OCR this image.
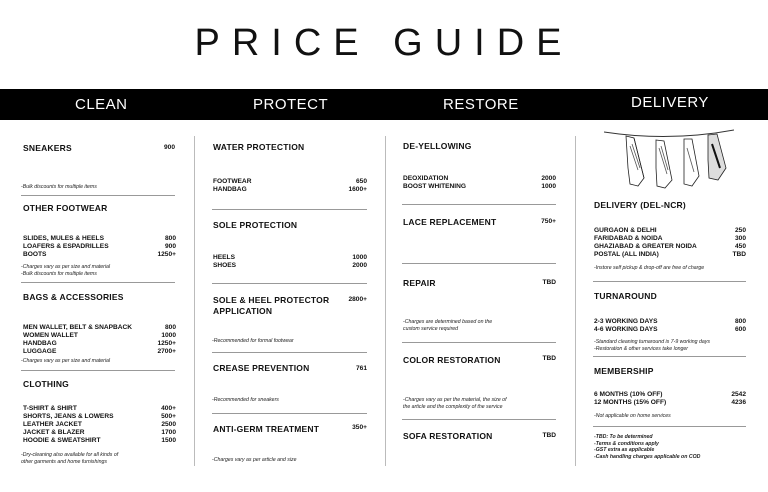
PRICE GUIDE
CLEAN	PROTECT	RESTORE	DELIVERY
SNEAKERS	900
-Bulk discounts for multiple items
OTHER FOOTWEAR
SLIDES, MULES & HEELS	800
LOAFERS & ESPADRILLES	900
BOOTS	1250+
-Charges vary as per size and material
-Bulk discounts for multiple items
BAGS & ACCESSORIES
MEN WALLET, BELT & SNAPBACK	800
WOMEN WALLET	1000
HANDBAG	1250+
LUGGAGE	2700+
-Charges vary as per size and material
CLOTHING
T-SHIRT & SHIRT	400+
SHORTS, JEANS & LOWERS	500+
LEATHER JACKET	2500
JACKET & BLAZER	1700
HOODIE & SWEATSHIRT	1500
-Dry-cleaning also available for all kinds of
other garments and home furnishings
WATER PROTECTION
FOOTWEAR	650
HANDBAG	1600+
SOLE PROTECTION
HEELS	1000
SHOES	2000
SOLE & HEEL PROTECTOR
APPLICATION
2800+
-Recommended for formal footwear
CREASE PREVENTION	761
-Recommended for sneakers
ANTI-GERM TREATMENT	350+
-Charges vary as per article and size
DE-YELLOWING
DEOXIDATION	2000
BOOST WHITENING	1000
LACE REPLACEMENT	750+
REPAIR	TBD
-Charges are determined based on the
custom service required
COLOR RESTORATION	TBD
-Charges vary as per the material, the size of
the article and the complexity of the service
SOFA RESTORATION	TBD
DELIVERY (DEL-NCR)
GURGAON & DELHI	250
FARIDABAD & NOIDA	300
GHAZIABAD & GREATER NOIDA	450
POSTAL (ALL INDIA)	TBD
-Instore self pickup & drop-off are free of charge
TURNAROUND
2-3 WORKING DAYS	800
4-6 WORKING DAYS	600
-Standard cleaning turnaround is 7-9 working days
-Restoration & other services take longer
MEMBERSHIP
6 MONTHS (10% OFF)	2542
12 MONTHS (15% OFF)	4236
-Not applicable on home services
-TBD: To be determined
-Terms & conditions apply
-GST extra as applicable
-Cash handling charges applicable on COD
